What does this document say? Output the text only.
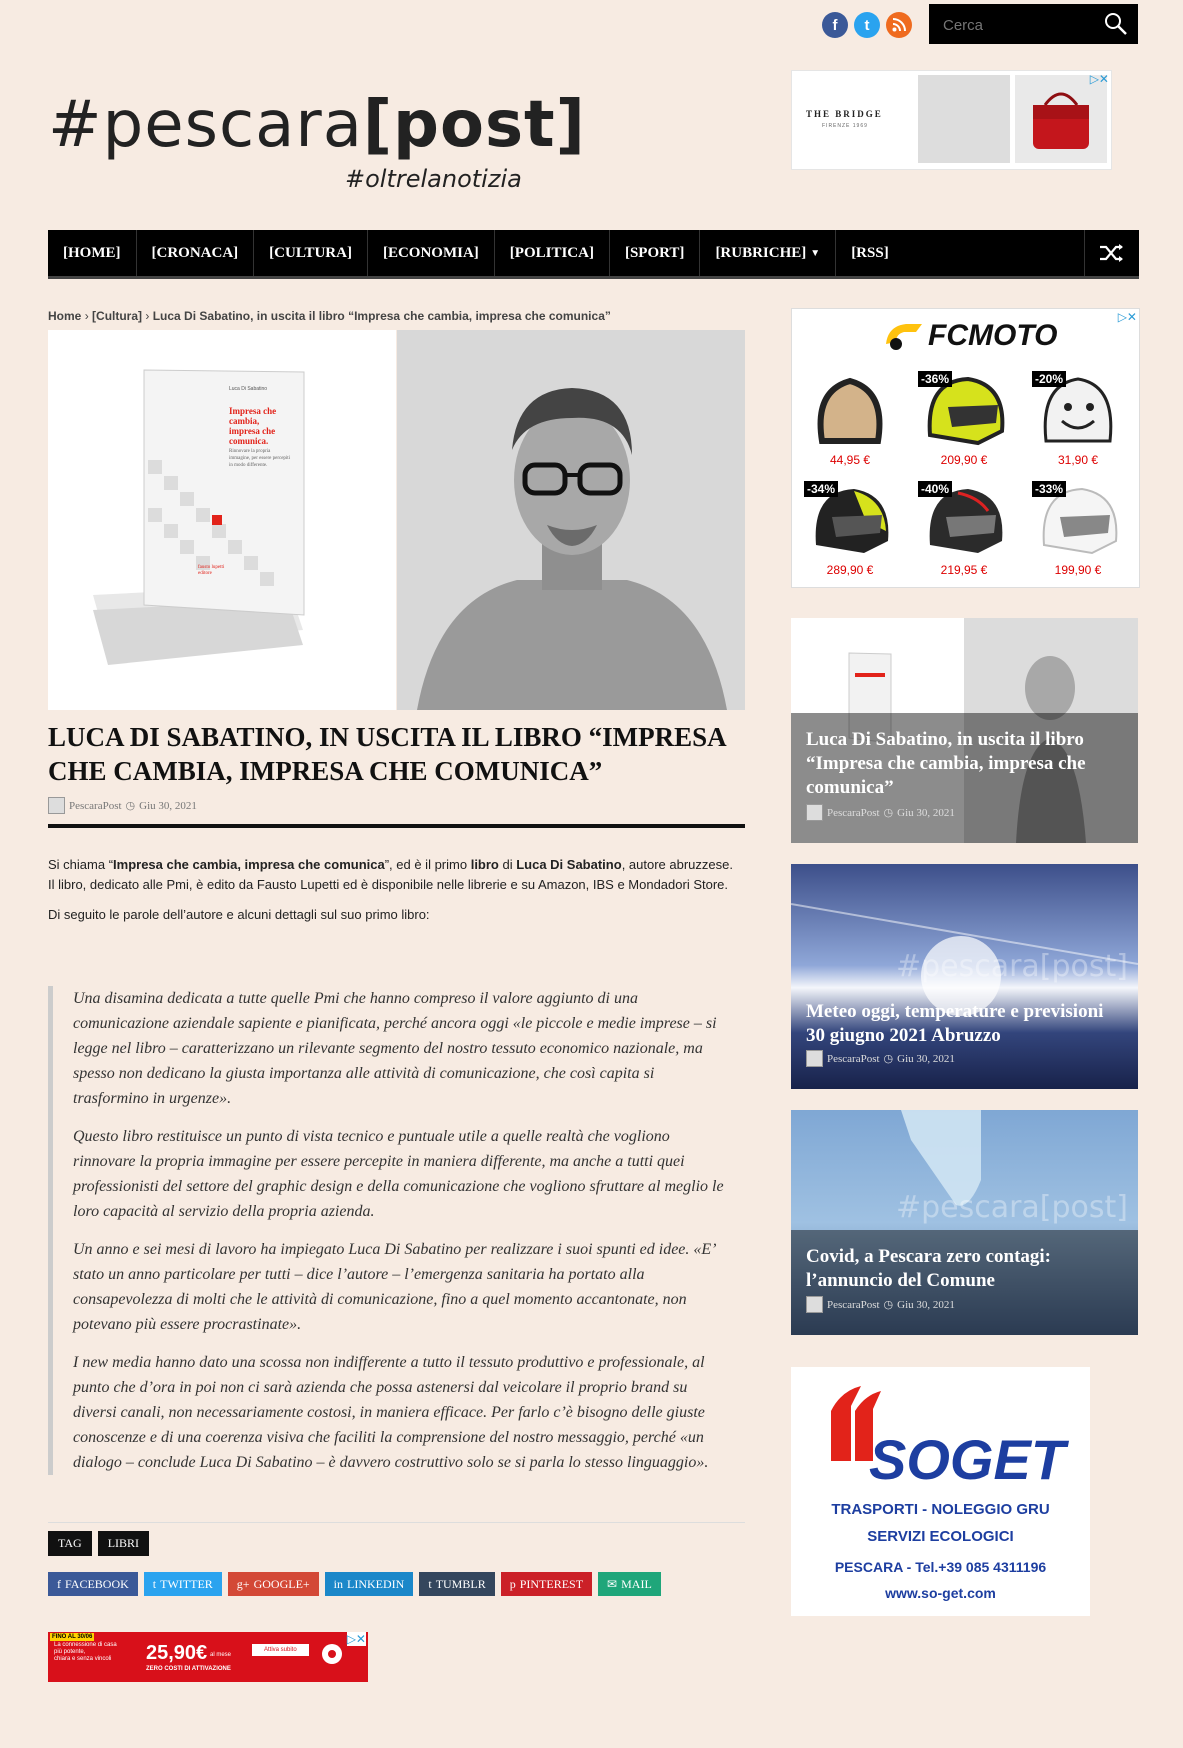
f	t
Cerca
#pescara[post]
#oltrelanotizia
THE BRIDGE
FIRENZE 1969
▷✕
[HOME]	[CRONACA]	[CULTURA]	[ECONOMIA]	[POLITICA]	[SPORT]	[RUBRICHE] ▼	[RSS]
Home › [Cultura] › Luca Di Sabatino, in uscita il libro “Impresa che cambia, impresa che comunica”
Luca Di Sabatino
Impresa che cambia, impresa che comunica.
Rinnovare la propria immagine, per essere percepiti in modo differente.
fausto lupetti editore
LUCA DI SABATINO, IN USCITA IL LIBRO “IMPRESA CHE CAMBIA, IMPRESA CHE COMUNICA”
PescaraPost ◷ Giu 30, 2021

Si chiama “Impresa che cambia, impresa che comunica”, ed è il primo libro di Luca Di Sabatino, autore abruzzese.
Il libro, dedicato alle Pmi, è edito da Fausto Lupetti ed è disponibile nelle librerie e su Amazon, IBS e Mondadori Store.

Di seguito le parole dell’autore e alcuni dettagli sul suo primo libro:

Una disamina dedicata a tutte quelle Pmi che hanno compreso il valore aggiunto di una comunicazione aziendale sapiente e pianificata, perché ancora oggi «le piccole e medie imprese – si legge nel libro – caratterizzano un rilevante segmento del nostro tessuto economico nazionale, ma spesso non dedicano la giusta importanza alle attività di comunicazione, che così capita si trasformino in urgenze».

Questo libro restituisce un punto di vista tecnico e puntuale utile a quelle realtà che vogliono rinnovare la propria immagine per essere percepite in maniera differente, ma anche a tutti quei professionisti del settore del graphic design e della comunicazione che vogliono sfruttare al meglio le loro capacità al servizio della propria azienda.

Un anno e sei mesi di lavoro ha impiegato Luca Di Sabatino per realizzare i suoi spunti ed idee. «E’ stato un anno particolare per tutti – dice l’autore – l’emergenza sanitaria ha portato alla consapevolezza di molti che le attività di comunicazione, fino a quel momento accantonate, non potevano più essere procrastinate».

I new media hanno dato una scossa non indifferente a tutto il tessuto produttivo e professionale, al punto che d’ora in poi non ci sarà azienda che possa astenersi dal veicolare il proprio brand su diversi canali, non necessariamente costosi, in maniera efficace. Per farlo c’è bisogno delle giuste conoscenze e di una coerenza visiva che faciliti la comprensione del nostro messaggio, perché «un dialogo – conclude Luca Di Sabatino – è davvero costruttivo solo se si parla lo stesso linguaggio».

TAG	LIBRI
f FACEBOOK t TWITTER g+ GOOGLE+ in LINKEDIN t TUMBLR p PINTEREST ✉ MAIL
FINO AL 30/06
La connessione di casa
più potente,
chiara e senza vincoli 25,90€ al mese
ZERO COSTI DI ATTIVAZIONE
Attiva subito
▷✕
FCMOTO
▷✕
44,95 €
-36%
209,90 €
-20%
31,90 €
-34%
289,90 €
-40%
219,95 €
-33%
199,90 €
Luca Di Sabatino, in uscita il libro “Impresa che cambia, impresa che comunica”
PescaraPost ◷ Giu 30, 2021
#pescara[post]
Meteo oggi, temperature e previsioni 30 giugno 2021 Abruzzo
PescaraPost ◷ Giu 30, 2021
#pescara[post]
Covid, a Pescara zero contagi: l’annuncio del Comune
PescaraPost ◷ Giu 30, 2021
SOGET
TRASPORTI - NOLEGGIO GRU
SERVIZI ECOLOGICI
PESCARA - Tel.+39 085 4311196
www.so-get.com
